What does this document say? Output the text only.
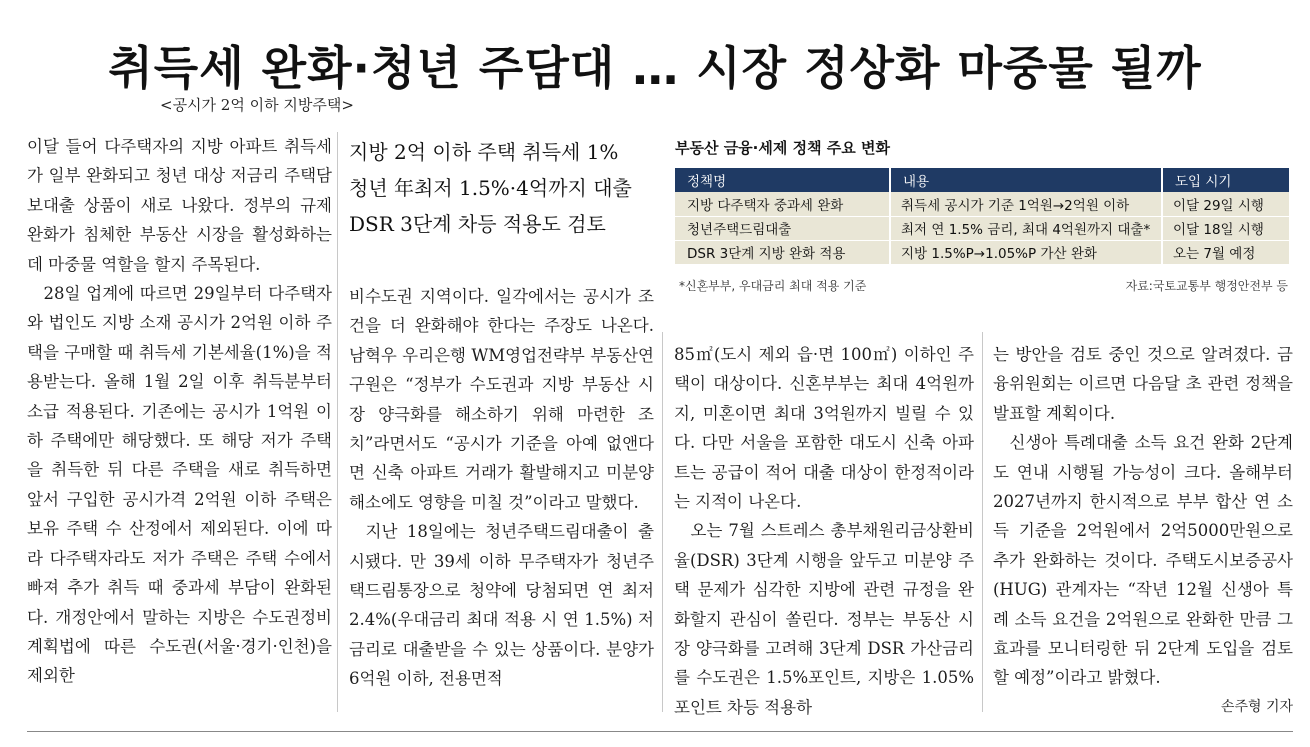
취득세 완화·청년 주담대 … 시장 정상화 마중물 될까
<공시가 2억 이하 지방주택>

이달 들어 다주택자의 지방 아파트 취득세가 일부 완화되고 청년 대상 저금리 주택담보대출 상품이 새로 나왔다. 정부의 규제 완화가 침체한 부동산 시장을 활성화하는 데 마중물 역할을 할지 주목된다.

28일 업계에 따르면 29일부터 다주택자와 법인도 지방 소재 공시가 2억원 이하 주택을 구매할 때 취득세 기본세율(1%)을 적용받는다. 올해 1월 2일 이후 취득분부터 소급 적용된다. 기존에는 공시가 1억원 이하 주택에만 해당했다. 또 해당 저가 주택을 취득한 뒤 다른 주택을 새로 취득하면 앞서 구입한 공시가격 2억원 이하 주택은 보유 주택 수 산정에서 제외된다. 이에 따라 다주택자라도 저가 주택은 주택 수에서 빠져 추가 취득 때 중과세 부담이 완화된다. 개정안에서 말하는 지방은 수도권정비계획법에 따른 수도권(서울·경기·인천)을 제외한

지방 2억 이하 주택 취득세 1%
청년 年최저 1.5%·4억까지 대출
DSR 3단계 차등 적용도 검토

비수도권 지역이다. 일각에서는 공시가 조건을 더 완화해야 한다는 주장도 나온다. 남혁우 우리은행 WM영업전략부 부동산연구원은 “정부가 수도권과 지방 부동산 시장 양극화를 해소하기 위해 마련한 조치”라면서도 “공시가 기준을 아예 없앤다면 신축 아파트 거래가 활발해지고 미분양 해소에도 영향을 미칠 것”이라고 말했다.

지난 18일에는 청년주택드림대출이 출시됐다. 만 39세 이하 무주택자가 청년주택드림통장으로 청약에 당첨되면 연 최저 2.4%(우대금리 최대 적용 시 연 1.5%) 저금리로 대출받을 수 있는 상품이다. 분양가 6억원 이하, 전용면적

부동산 금융·세제 정책 주요 변화
정책명	내용	도입 시기
지방 다주택자 중과세 완화	취득세 공시가 기준 1억원→2억원 이하	이달 29일 시행
청년주택드림대출	최저 연 1.5% 금리, 최대 4억원까지 대출*	이달 18일 시행
DSR 3단계 지방 완화 적용	지방 1.5%P→1.05%P 가산 완화	오는 7월 예정
*신혼부부, 우대금리 최대 적용 기준	자료:국토교통부 행정안전부 등

85㎡(도시 제외 읍·면 100㎡) 이하인 주택이 대상이다. 신혼부부는 최대 4억원까지, 미혼이면 최대 3억원까지 빌릴 수 있다. 다만 서울을 포함한 대도시 신축 아파트는 공급이 적어 대출 대상이 한정적이라는 지적이 나온다.

오는 7월 스트레스 총부채원리금상환비율(DSR) 3단계 시행을 앞두고 미분양 주택 문제가 심각한 지방에 관련 규정을 완화할지 관심이 쏠린다. 정부는 부동산 시장 양극화를 고려해 3단계 DSR 가산금리를 수도권은 1.5%포인트, 지방은 1.05%포인트 차등 적용하

는 방안을 검토 중인 것으로 알려졌다. 금융위원회는 이르면 다음달 초 관련 정책을 발표할 계획이다.

신생아 특례대출 소득 요건 완화 2단계도 연내 시행될 가능성이 크다. 올해부터 2027년까지 한시적으로 부부 합산 연 소득 기준을 2억원에서 2억5000만원으로 추가 완화하는 것이다. 주택도시보증공사(HUG) 관계자는 “작년 12월 신생아 특례 소득 요건을 2억원으로 완화한 만큼 그 효과를 모니터링한 뒤 2단계 도입을 검토할 예정”이라고 밝혔다.

손주형 기자
